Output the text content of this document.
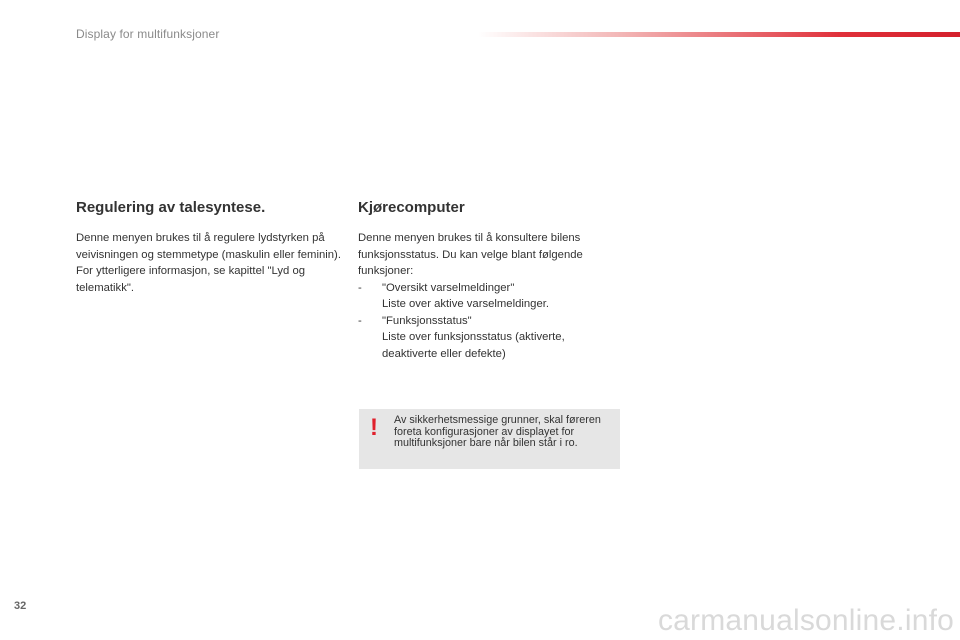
Display for multifunksjoner
Regulering av talesyntese.

Denne menyen brukes til å regulere lydstyrken på veivisningen og stemmetype (maskulin eller feminin).

For ytterligere informasjon, se kapittel "Lyd og telematikk".

Kjørecomputer

Denne menyen brukes til å konsultere bilens funksjonsstatus. Du kan velge blant følgende funksjoner:

- "Oversikt varselmeldinger"
Liste over aktive varselmeldinger.
- "Funksjonsstatus"
Liste over funksjonsstatus (aktiverte, deaktiverte eller defekte)
! Av sikkerhetsmessige grunner, skal føreren foreta konfigurasjoner av displayet for multifunksjoner bare når bilen står i ro.

32	carmanualsonline.info
